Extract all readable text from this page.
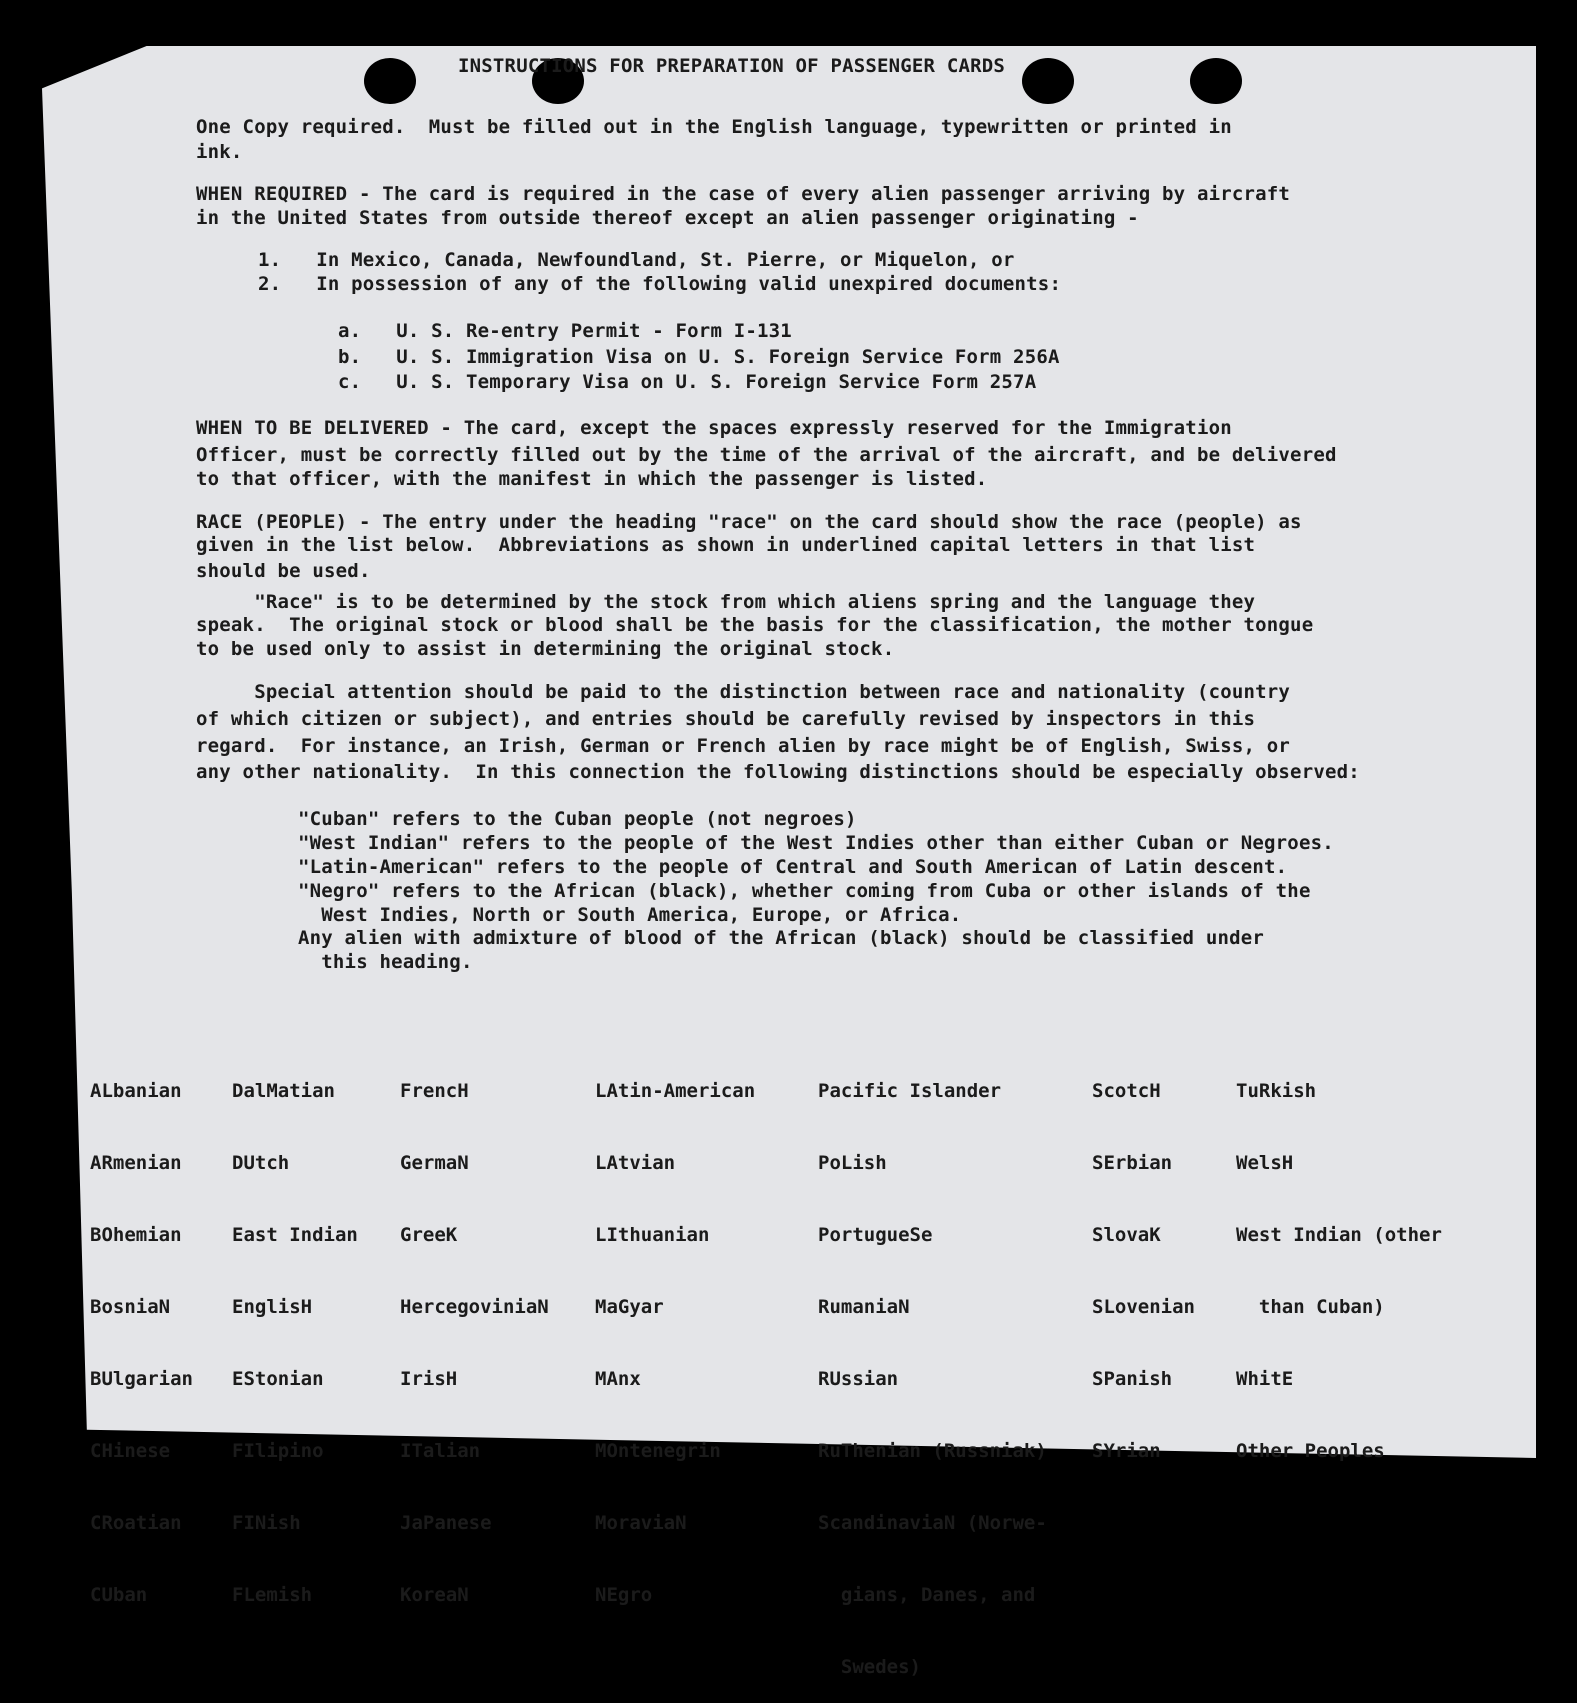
INSTRUCTIONS FOR PREPARATION OF PASSENGER CARDS
One Copy required.  Must be filled out in the English language, typewritten or printed in
ink.
WHEN REQUIRED - The card is required in the case of every alien passenger arriving by aircraft
in the United States from outside thereof except an alien passenger originating -
1.   In Mexico, Canada, Newfoundland, St. Pierre, or Miquelon, or
2.   In possession of any of the following valid unexpired documents:
a.   U. S. Re-entry Permit - Form I-131
b.   U. S. Immigration Visa on U. S. Foreign Service Form 256A
c.   U. S. Temporary Visa on U. S. Foreign Service Form 257A
WHEN TO BE DELIVERED - The card, except the spaces expressly reserved for the Immigration
Officer, must be correctly filled out by the time of the arrival of the aircraft, and be delivered
to that officer, with the manifest in which the passenger is listed.
RACE (PEOPLE) - The entry under the heading "race" on the card should show the race (people) as
given in the list below.  Abbreviations as shown in underlined capital letters in that list
should be used.
"Race" is to be determined by the stock from which aliens spring and the language they
speak.  The original stock or blood shall be the basis for the classification, the mother tongue
to be used only to assist in determining the original stock.
Special attention should be paid to the distinction between race and nationality (country
of which citizen or subject), and entries should be carefully revised by inspectors in this
regard.  For instance, an Irish, German or French alien by race might be of English, Swiss, or
any other nationality.  In this connection the following distinctions should be especially observed:
"Cuban" refers to the Cuban people (not negroes)
"West Indian" refers to the people of the West Indies other than either Cuban or Negroes.
"Latin-American" refers to the people of Central and South American of Latin descent.
"Negro" refers to the African (black), whether coming from Cuba or other islands of the
West Indies, North or South America, Europe, or Africa.
Any alien with admixture of blood of the African (black) should be classified under
this heading.

ALbanian

ARmenian

BOhemian

BosniaN

BUlgarian

CHinese

CRoatian

CUban

DalMatian

DUtch

East Indian

EnglisH

EStonian

FIlipino

FINish

FLemish

FrencH

GermaN

GreeK

HercegoviniaN

IrisH

ITalian

JaPanese

KoreaN

LAtin-American

LAtvian

LIthuanian

MaGyar

MAnx

MOntenegrin

MoraviaN

NEgro

Pacific Islander

PoLish

PortugueSe

RumaniaN

RUssian

RuThenian (Russniak)

ScandinaviaN (Norwe-

gians, Danes, and

Swedes)

ScotcH

SErbian

SlovaK

SLovenian

SPanish

SYrian

TuRkish

WelsH

West Indian (other

than Cuban)

WhitE

Other Peoples
